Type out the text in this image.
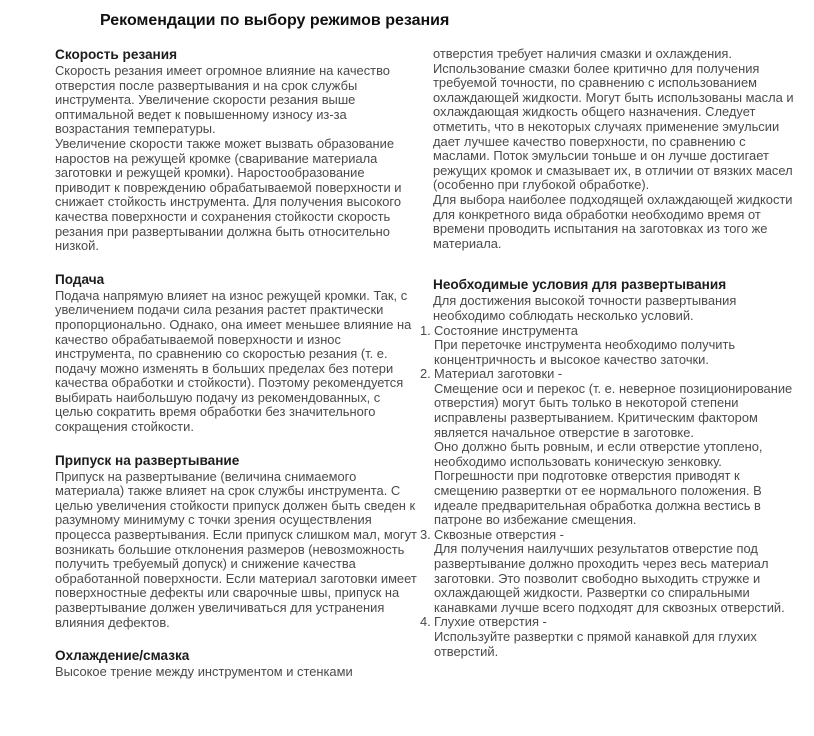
Рекомендации по выбору режимов резания
Скорость резания

Скорость резания имеет огромное влияние на качество отверстия после развертывания и на срок службы инструмента. Увеличение скорости резания выше оптимальной ведет к повышенному износу из-за возрастания температуры.

Увеличение скорости также может вызвать образование наростов на режущей кромке (сваривание материала заготовки и режущей кромки). Наростообразование приводит к повреждению обрабатываемой поверхности и снижает стойкость инструмента. Для получения высокого качества поверхности и сохранения стойкости скорость резания при развертывании должна быть относительно низкой.

Подача

Подача напрямую влияет на износ режущей кромки. Так, с увеличением подачи сила резания растет практически пропорционально. Однако, она имеет меньшее влияние на качество обрабатываемой поверхности и износ инструмента, по сравнению со скоростью резания (т. е. подачу можно изменять в больших пределах без потери качества обработки и стойкости). Поэтому рекомендуется выбирать наибольшую подачу из рекомендованных, с целью сократить время обработки без значительного сокращения стойкости.

Припуск на развертывание

Припуск на развертывание (величина снимаемого материала) также влияет на срок службы инструмента. С целью увеличения стойкости припуск должен быть сведен к разумному минимуму с точки зрения осуществления процесса развертывания. Если припуск слишком мал, могут возникать большие отклонения размеров (невозможность получить требуемый допуск) и снижение качества обработанной поверхности. Если материал заготовки имеет поверхностные дефекты или сварочные швы, припуск на развертывание должен увеличиваться для устранения влияния дефектов.

Охлаждение/смазка

Высокое трение между инструментом и стенками

отверстия требует наличия смазки и охлаждения. Использование смазки более критично для получения требуемой точности, по сравнению с использованием охлаждающей жидкости. Могут быть использованы масла и охлаждающая жидкость общего назначения. Следует отметить, что в некоторых случаях применение эмульсии дает лучшее качество поверхности, по сравнению с маслами. Поток эмульсии тоньше и он лучше достигает режущих кромок и смазывает их, в отличии от вязких масел (особенно при глубокой обработке).

Для выбора наиболее подходящей охлаждающей жидкости для конкретного вида обработки необходимо время от времени проводить испытания на заготовках из того же материала.

Необходимые условия для развертывания

Для достижения высокой точности развертывания необходимо соблюдать несколько условий.

1. Состояние инструмента

При переточке инструмента необходимо получить концентричность и высокое качество заточки.

2. Материал заготовки -

Смещение оси и перекос (т. е. неверное позиционирование отверстия) могут быть только в некоторой степени исправлены развертыванием. Критическим фактором является начальное отверстие в заготовке.

Оно должно быть ровным, и если отверстие утоплено, необходимо использовать коническую зенковку. Погрешности при подготовке отверстия приводят к смещению развертки от ее нормального положения. В идеале предварительная обработка должна вестись в патроне во избежание смещения.

3. Сквозные отверстия -

Для получения наилучших результатов отверстие под развертывание должно проходить через весь материал заготовки. Это позволит свободно выходить стружке и охлаждающей жидкости. Развертки со спиральными канавками лучше всего подходят для сквозных отверстий.

4. Глухие отверстия -

Используйте развертки с прямой канавкой для глухих отверстий.
